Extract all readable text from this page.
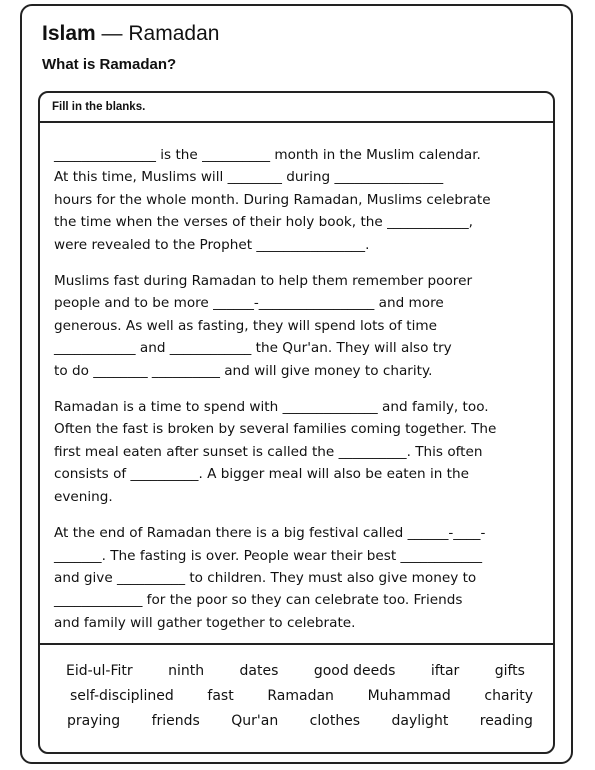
Islam — Ramadan
What is Ramadan?
Fill in the blanks.
_______________ is the __________ month in the Muslim calendar.
At this time, Muslims will ________ during ________________
hours for the whole month. During Ramadan, Muslims celebrate
the time when the verses of their holy book, the ____________,
were revealed to the Prophet ________________.
Muslims fast during Ramadan to help them remember poorer
people and to be more ______-_________________ and more
generous. As well as fasting, they will spend lots of time
____________ and ____________ the Qur'an. They will also try
to do ________ __________ and will give money to charity.
Ramadan is a time to spend with ______________ and family, too.
Often the fast is broken by several families coming together. The
first meal eaten after sunset is called the __________. This often
consists of __________. A bigger meal will also be eaten in the
evening.
At the end of Ramadan there is a big festival called ______-____-
_______. The fasting is over. People wear their best ____________
and give __________ to children. They must also give money to
_____________ for the poor so they can celebrate too. Friends
and family will gather together to celebrate.
Eid-ul-Fitr	ninth	dates	good deeds	iftar	gifts
self-disciplined fast Ramadan Muhammad charity
praying friends Qur'an clothes daylight reading
